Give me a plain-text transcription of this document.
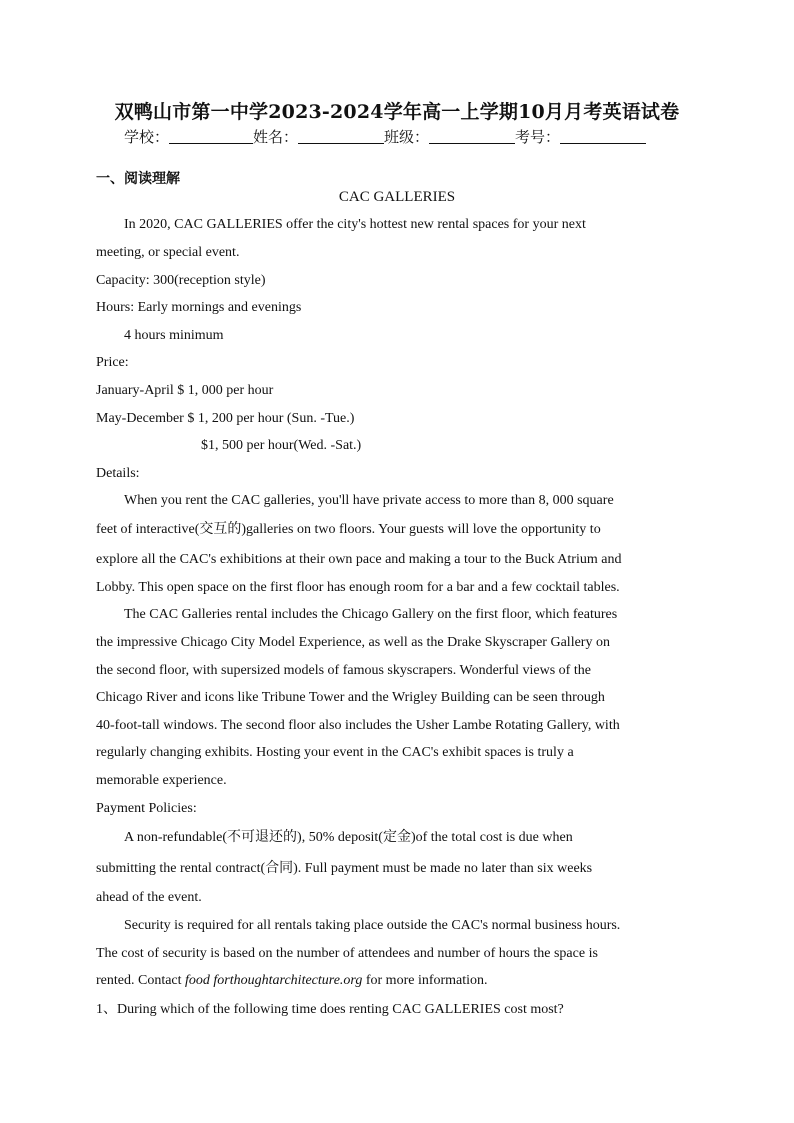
双鸭山市第一中学2023-2024学年高一上学期10月月考英语试卷
学校：	姓名：	班级：	考号：
一、阅读理解
CAC GALLERIES
In 2020, CAC GALLERIES offer the city's hottest new rental spaces for your next
meeting, or special event.
Capacity: 300(reception style)
Hours: Early mornings and evenings
4 hours minimum
Price:
January-April $ 1, 000 per hour
May-December $ 1, 200 per hour (Sun. -Tue.)
$1, 500 per hour(Wed. -Sat.)
Details:
When you rent the CAC galleries, you'll have private access to more than 8, 000 square
feet of interactive(交互的)galleries on two floors. Your guests will love the opportunity to
explore all the CAC's exhibitions at their own pace and making a tour to the Buck Atrium and
Lobby. This open space on the first floor has enough room for a bar and a few cocktail tables.
The CAC Galleries rental includes the Chicago Gallery on the first floor, which features
the impressive Chicago City Model Experience, as well as the Drake Skyscraper Gallery on
the second floor, with supersized models of famous skyscrapers. Wonderful views of the
Chicago River and icons like Tribune Tower and the Wrigley Building can be seen through
40-foot-tall windows. The second floor also includes the Usher Lambe Rotating Gallery, with
regularly changing exhibits. Hosting your event in the CAC's exhibit spaces is truly a
memorable experience.
Payment Policies:
A non-refundable(不可退还的), 50% deposit(定金)of the total cost is due when
submitting the rental contract(合同). Full payment must be made no later than six weeks
ahead of the event.
Security is required for all rentals taking place outside the CAC's normal business hours.
The cost of security is based on the number of attendees and number of hours the space is
rented. Contact food forthoughtarchitecture.org for more information.
1、During which of the following time does renting CAC GALLERIES cost most?
